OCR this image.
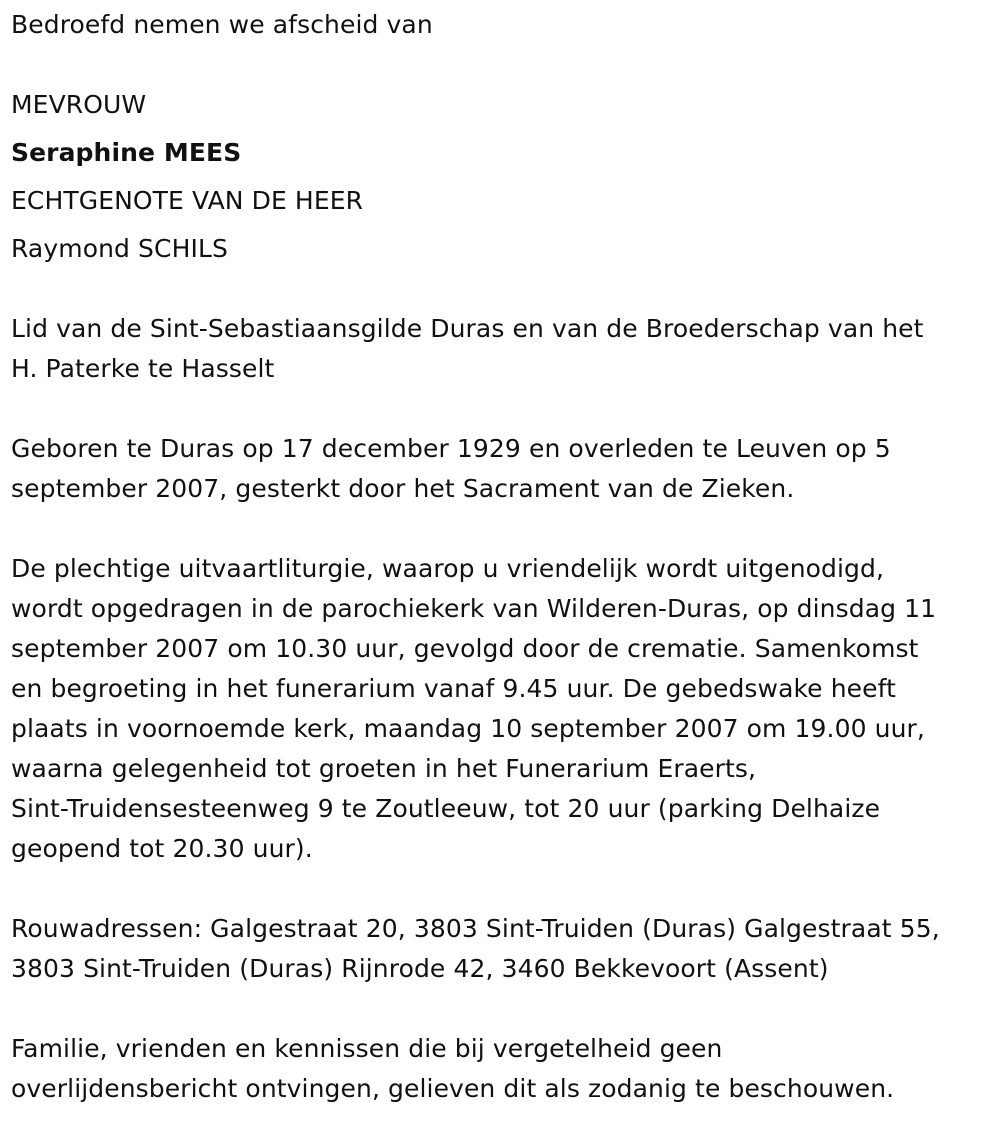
Bedroefd nemen we afscheid van
MEVROUW
Seraphine MEES
ECHTGENOTE VAN DE HEER
Raymond SCHILS
Lid van de Sint-Sebastiaansgilde Duras en van de Broederschap van het
H. Paterke te Hasselt
Geboren te Duras op 17 december 1929 en overleden te Leuven op 5
september 2007, gesterkt door het Sacrament van de Zieken.
De plechtige uitvaartliturgie, waarop u vriendelijk wordt uitgenodigd,
wordt opgedragen in de parochiekerk van Wilderen-Duras, op dinsdag 11
september 2007 om 10.30 uur, gevolgd door de crematie. Samenkomst
en begroeting in het funerarium vanaf 9.45 uur. De gebedswake heeft
plaats in voornoemde kerk, maandag 10 september 2007 om 19.00 uur,
waarna gelegenheid tot groeten in het Funerarium Eraerts,
Sint-Truidensesteenweg 9 te Zoutleeuw, tot 20 uur (parking Delhaize
geopend tot 20.30 uur).
Rouwadressen: Galgestraat 20, 3803 Sint-Truiden (Duras) Galgestraat 55,
3803 Sint-Truiden (Duras) Rijnrode 42, 3460 Bekkevoort (Assent)
Familie, vrienden en kennissen die bij vergetelheid geen
overlijdensbericht ontvingen, gelieven dit als zodanig te beschouwen.
